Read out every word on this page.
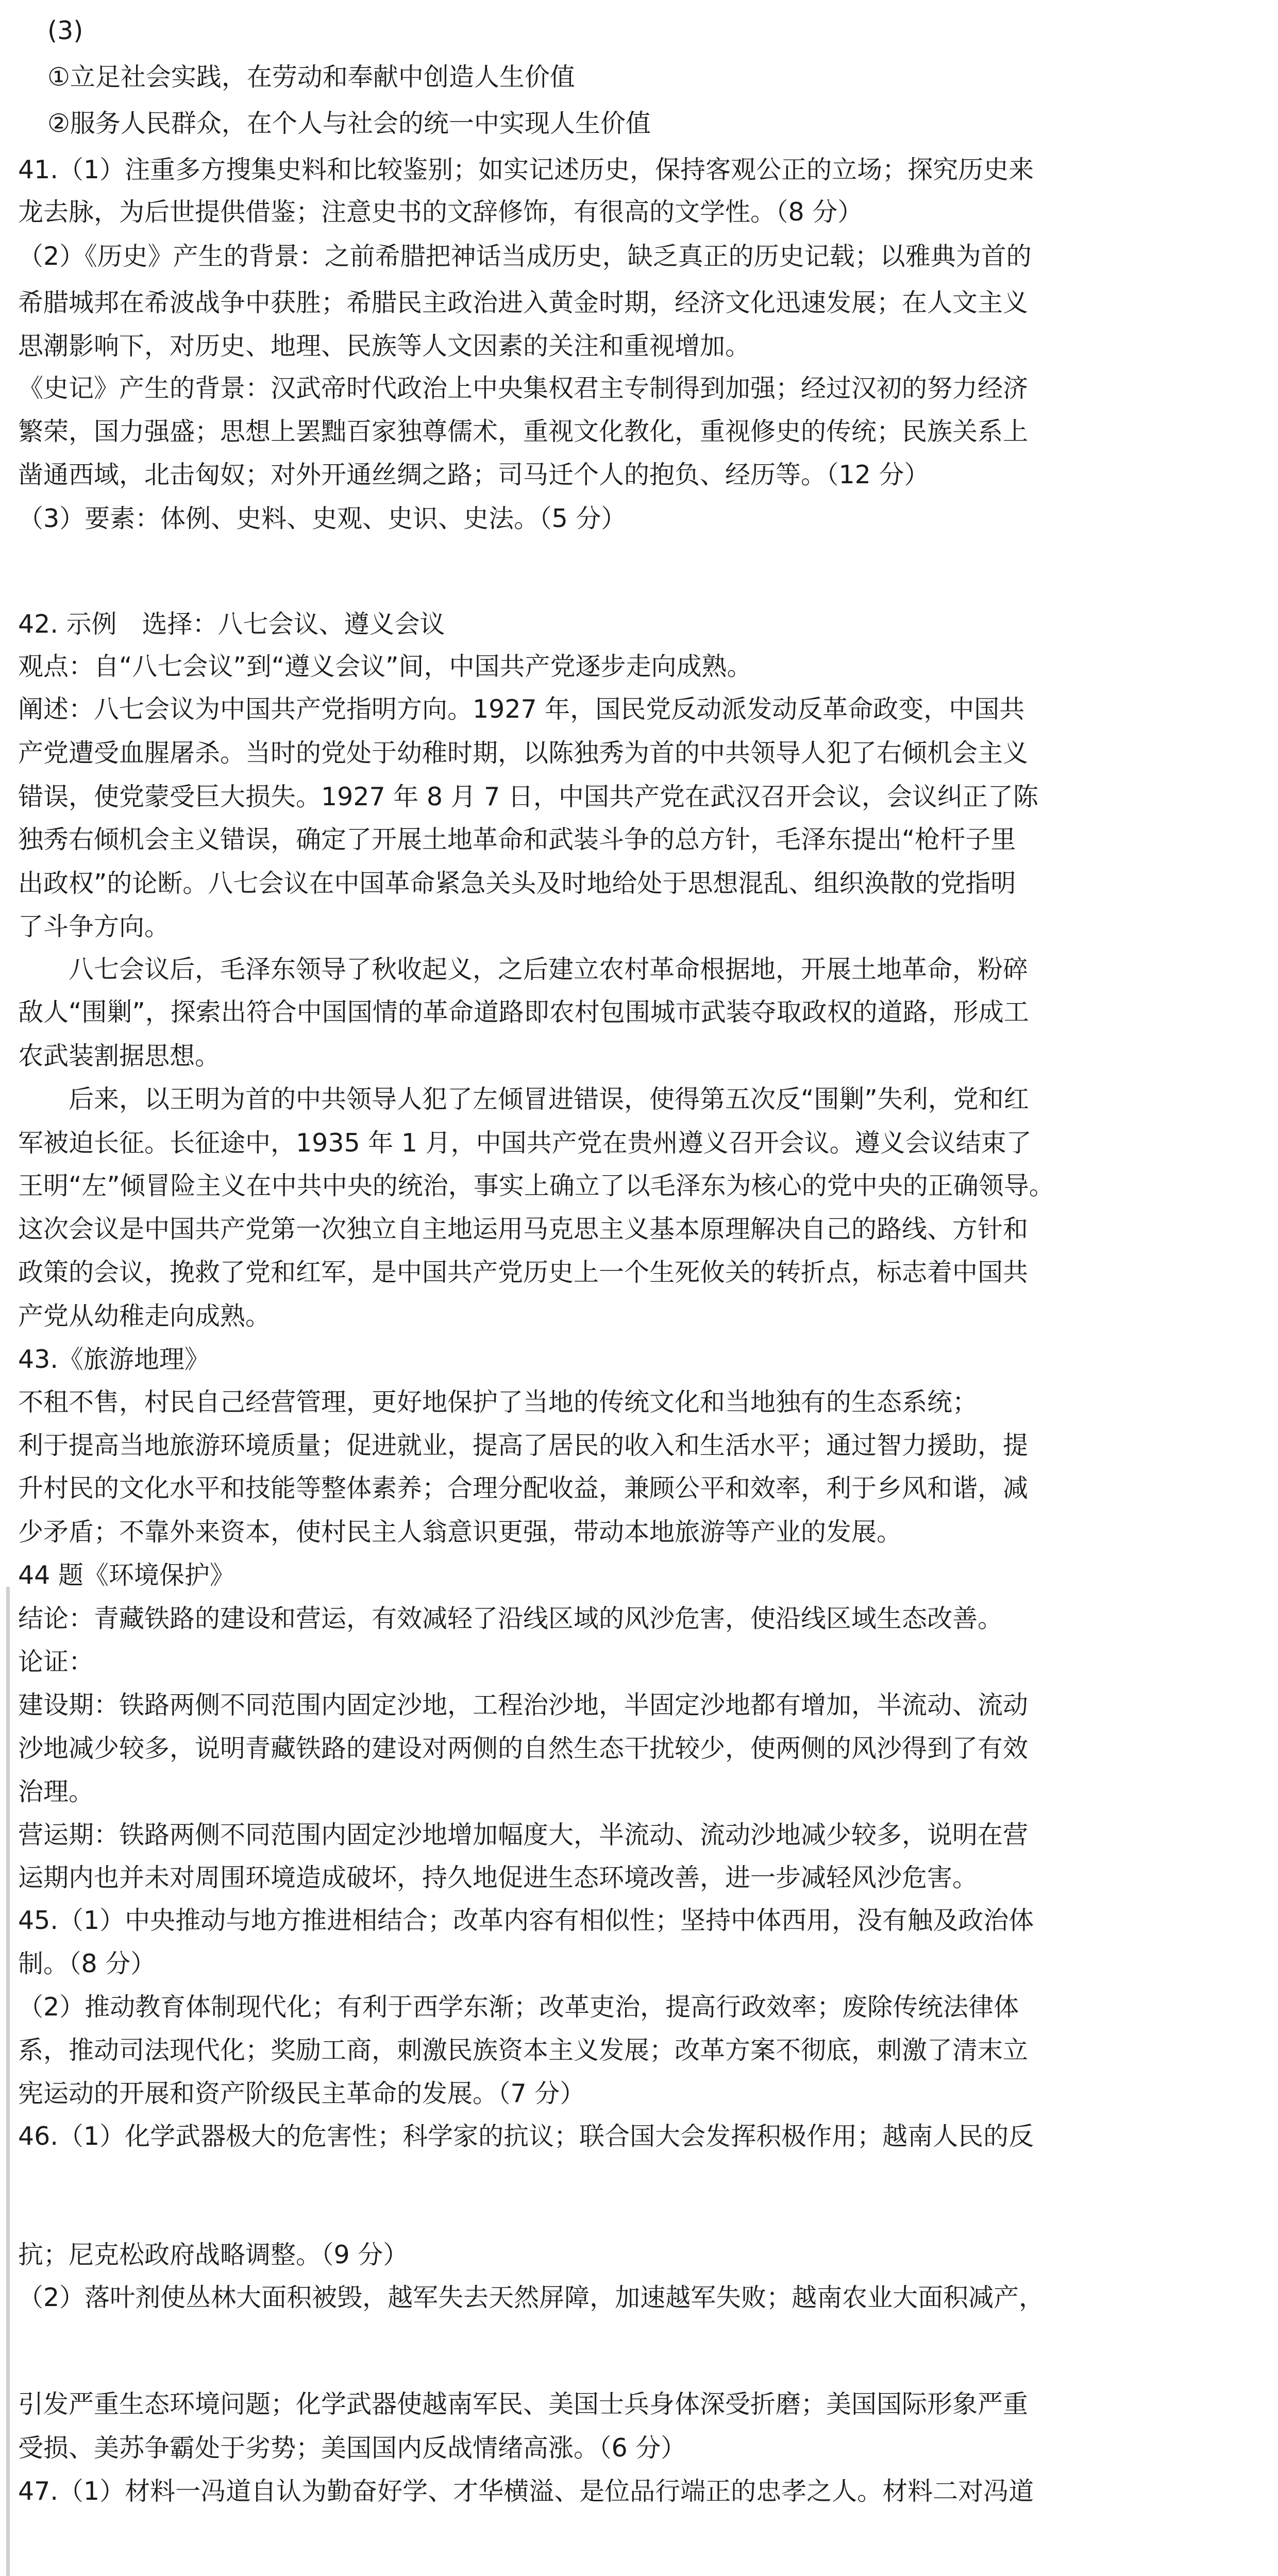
(3)
①立足社会实践，在劳动和奉献中创造人生价值
②服务人民群众，在个人与社会的统一中实现人生价值
41.（1）注重多方搜集史料和比较鉴别；如实记述历史，保持客观公正的立场；探究历史来
龙去脉，为后世提供借鉴；注意史书的文辞修饰，有很高的文学性。（8 分）
（2）《历史》产生的背景：之前希腊把神话当成历史，缺乏真正的历史记载；以雅典为首的
希腊城邦在希波战争中获胜；希腊民主政治进入黄金时期，经济文化迅速发展；在人文主义
思潮影响下，对历史、地理、民族等人文因素的关注和重视增加。
《史记》产生的背景：汉武帝时代政治上中央集权君主专制得到加强；经过汉初的努力经济
繁荣，国力强盛；思想上罢黜百家独尊儒术，重视文化教化，重视修史的传统；民族关系上
凿通西域，北击匈奴；对外开通丝绸之路；司马迁个人的抱负、经历等。（12 分）
（3）要素：体例、史料、史观、史识、史法。（5 分）
42. 示例　选择：八七会议、遵义会议
观点：自“八七会议”到“遵义会议”间，中国共产党逐步走向成熟。
阐述：八七会议为中国共产党指明方向。1927 年，国民党反动派发动反革命政变，中国共
产党遭受血腥屠杀。当时的党处于幼稚时期，以陈独秀为首的中共领导人犯了右倾机会主义
错误，使党蒙受巨大损失。1927 年 8 月 7 日，中国共产党在武汉召开会议，会议纠正了陈
独秀右倾机会主义错误，确定了开展土地革命和武装斗争的总方针，毛泽东提出“枪杆子里
出政权”的论断。八七会议在中国革命紧急关头及时地给处于思想混乱、组织涣散的党指明
了斗争方向。
　　八七会议后，毛泽东领导了秋收起义，之后建立农村革命根据地，开展土地革命，粉碎
敌人“围剿”，探索出符合中国国情的革命道路即农村包围城市武装夺取政权的道路，形成工
农武装割据思想。
　　后来，以王明为首的中共领导人犯了左倾冒进错误，使得第五次反“围剿”失利，党和红
军被迫长征。长征途中，1935 年 1 月，中国共产党在贵州遵义召开会议。遵义会议结束了
王明“左”倾冒险主义在中共中央的统治，事实上确立了以毛泽东为核心的党中央的正确领导。
这次会议是中国共产党第一次独立自主地运用马克思主义基本原理解决自己的路线、方针和
政策的会议，挽救了党和红军，是中国共产党历史上一个生死攸关的转折点，标志着中国共
产党从幼稚走向成熟。
43.《旅游地理》
不租不售，村民自己经营管理，更好地保护了当地的传统文化和当地独有的生态系统；
利于提高当地旅游环境质量；促进就业，提高了居民的收入和生活水平；通过智力援助，提
升村民的文化水平和技能等整体素养；合理分配收益，兼顾公平和效率，利于乡风和谐，减
少矛盾；不靠外来资本，使村民主人翁意识更强，带动本地旅游等产业的发展。
44 题《环境保护》
结论：青藏铁路的建设和营运，有效减轻了沿线区域的风沙危害，使沿线区域生态改善。
论证：
建设期：铁路两侧不同范围内固定沙地，工程治沙地，半固定沙地都有增加，半流动、流动
沙地减少较多，说明青藏铁路的建设对两侧的自然生态干扰较少，使两侧的风沙得到了有效
治理。
营运期：铁路两侧不同范围内固定沙地增加幅度大，半流动、流动沙地减少较多，说明在营
运期内也并未对周围环境造成破坏，持久地促进生态环境改善，进一步减轻风沙危害。
45.（1）中央推动与地方推进相结合；改革内容有相似性；坚持中体西用，没有触及政治体
制。（8 分）
（2）推动教育体制现代化；有利于西学东渐；改革吏治，提高行政效率；废除传统法律体
系，推动司法现代化；奖励工商，刺激民族资本主义发展；改革方案不彻底，刺激了清末立
宪运动的开展和资产阶级民主革命的发展。（7 分）
46.（1）化学武器极大的危害性；科学家的抗议；联合国大会发挥积极作用；越南人民的反
抗；尼克松政府战略调整。（9 分）
（2）落叶剂使丛林大面积被毁，越军失去天然屏障，加速越军失败；越南农业大面积减产，
引发严重生态环境问题；化学武器使越南军民、美国士兵身体深受折磨；美国国际形象严重
受损、美苏争霸处于劣势；美国国内反战情绪高涨。（6 分）
47.（1）材料一冯道自认为勤奋好学、才华横溢、是位品行端正的忠孝之人。材料二对冯道
